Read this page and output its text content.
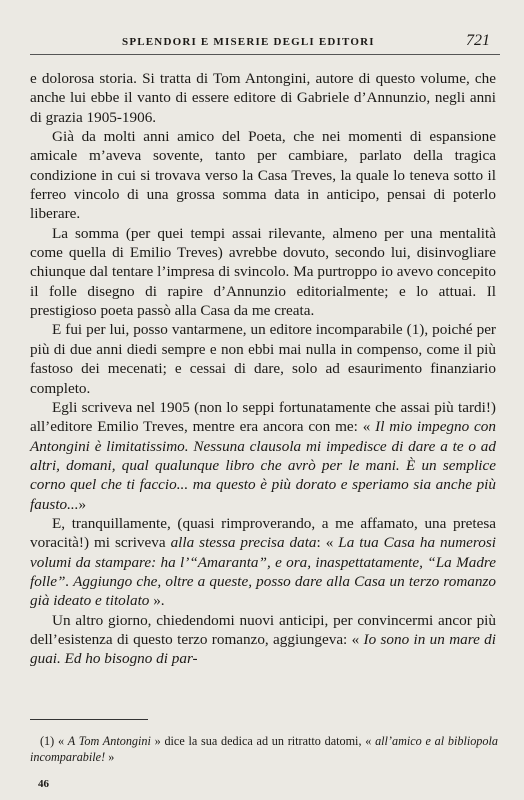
SPLENDORI E MISERIE DEGLI EDITORI	721

e dolorosa storia. Si tratta di Tom Antongini, autore di questo volume, che anche lui ebbe il vanto di essere editore di Gabriele d’Annunzio, negli anni di grazia 1905-1906.

Già da molti anni amico del Poeta, che nei momenti di espansione amicale m’aveva sovente, tanto per cambiare, parlato della tragica condizione in cui si trovava verso la Casa Treves, la quale lo teneva sotto il ferreo vincolo di una grossa somma data in anticipo, pensai di poterlo liberare.

La somma (per quei tempi assai rilevante, almeno per una mentalità come quella di Emilio Treves) avrebbe dovuto, secondo lui, disinvogliare chiunque dal tentare l’impresa di svincolo. Ma purtroppo io avevo concepito il folle disegno di rapire d’Annunzio editorialmente; e lo attuai. Il prestigioso poeta passò alla Casa da me creata.

E fui per lui, posso vantarmene, un editore incomparabile (1), poiché per più di due anni diedi sempre e non ebbi mai nulla in compenso, come il più fastoso dei mecenati; e cessai di dare, solo ad esaurimento finanziario completo.

Egli scriveva nel 1905 (non lo seppi fortunatamente che assai più tardi!) all’editore Emilio Treves, mentre era ancora con me: « Il mio impegno con Antongini è limitatissimo. Nessuna clausola mi impedisce di dare a te o ad altri, domani, qual qualunque libro che avrò per le mani. È un semplice corno quel che ti faccio... ma questo è più dorato e speriamo sia anche più fausto...»

E, tranquillamente, (quasi rimproverando, a me affamato, una pretesa voracità!) mi scriveva alla stessa precisa data: « La tua Casa ha numerosi volumi da stampare: ha l’“Amaranta”, e ora, inaspettatamente, “La Madre folle”. Aggiungo che, oltre a queste, posso dare alla Casa un terzo romanzo già ideato e titolato ».

Un altro giorno, chiedendomi nuovi anticipi, per convincermi ancor più dell’esistenza di questo terzo romanzo, aggiungeva: « Io sono in un mare di guai. Ed ho bisogno di par-

(1) « A Tom Antongini » dice la sua dedica ad un ritratto datomi, « all’amico e al bibliopola incomparabile! »
46
